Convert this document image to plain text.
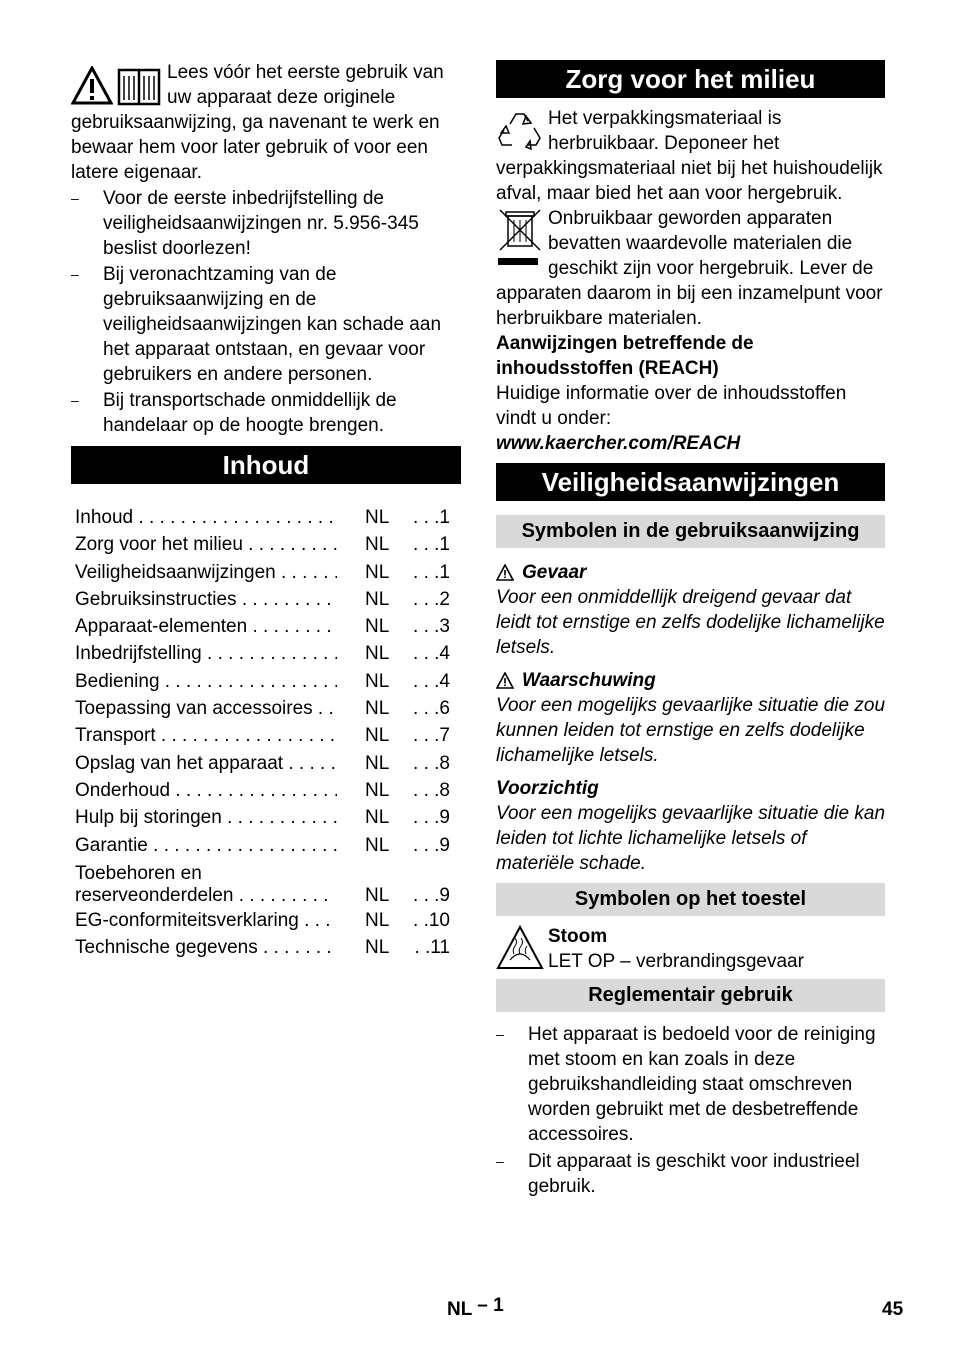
Lees vóór het eerste gebruik van uw apparaat deze originele gebruiksaanwijzing, ga navenant te werk en bewaar hem voor later gebruik of voor een latere eigenaar.

– Voor de eerste inbedrijfstelling de veiligheidsaanwijzingen nr. 5.956-345 beslist doorlezen!
– Bij veronachtzaming van de gebruiksaanwijzing en de veiligheidsaanwijzingen kan schade aan het apparaat ontstaan, en gevaar voor gebruikers en andere personen.
– Bij transportschade onmiddellijk de handelaar op de hoogte brengen.
Inhoud
Inhoud . . .	NL	. . .1
Zorg voor het milieu . . .	NL	. . .1
Veiligheidsaanwijzingen . . .	NL	. . .1
Gebruiksinstructies . . .	NL	. . .2
Apparaat-elementen . . .	NL	. . .3
Inbedrijfstelling . . .	NL	. . .4
Bediening . . .	NL	. . .4
Toepassing van accessoires . . .	NL	. . .6
Transport . . .	NL	. . .7
Opslag van het apparaat . . .	NL	. . .8
Onderhoud . . .	NL	. . .8
Hulp bij storingen . . .	NL	. . .9
Garantie . . .	NL	. . .9
Toebehoren en reserveonderdelen . . .	NL	. . .9
EG-conformiteitsverklaring . . .	NL	. .10
Technische gegevens . . .	NL	. .11
Zorg voor het milieu

Het verpakkingsmateriaal is herbruikbaar. Deponeer het verpakkingsmateriaal niet bij het huishoudelijk afval, maar bied het aan voor hergebruik.

Onbruikbaar geworden apparaten bevatten waardevolle materialen die geschikt zijn voor hergebruik. Lever de apparaten daarom in bij een inzamelpunt voor herbruikbare materialen.

Aanwijzingen betreffende de inhoudsstoffen (REACH)

Huidige informatie over de inhoudsstoffen vindt u onder:

www.kaercher.com/REACH

Veiligheidsaanwijzingen
Symbolen in de gebruiksaanwijzing
Gevaar

Voor een onmiddellijk dreigend gevaar dat leidt tot ernstige en zelfs dodelijke lichamelijke letsels.

Waarschuwing

Voor een mogelijks gevaarlijke situatie die zou kunnen leiden tot ernstige en zelfs dodelijke lichamelijke letsels.

Voorzichtig

Voor een mogelijks gevaarlijke situatie die kan leiden tot lichte lichamelijke letsels of materiële schade.

Symbolen op het toestel

Stoom

LET OP – verbrandingsgevaar

Reglementair gebruik
– Het apparaat is bedoeld voor de reiniging met stoom en kan zoals in deze gebruikshandleiding staat omschreven worden gebruikt met de desbetreffende accessoires.
– Dit apparaat is geschikt voor industrieel gebruik.
NL – 1	45
